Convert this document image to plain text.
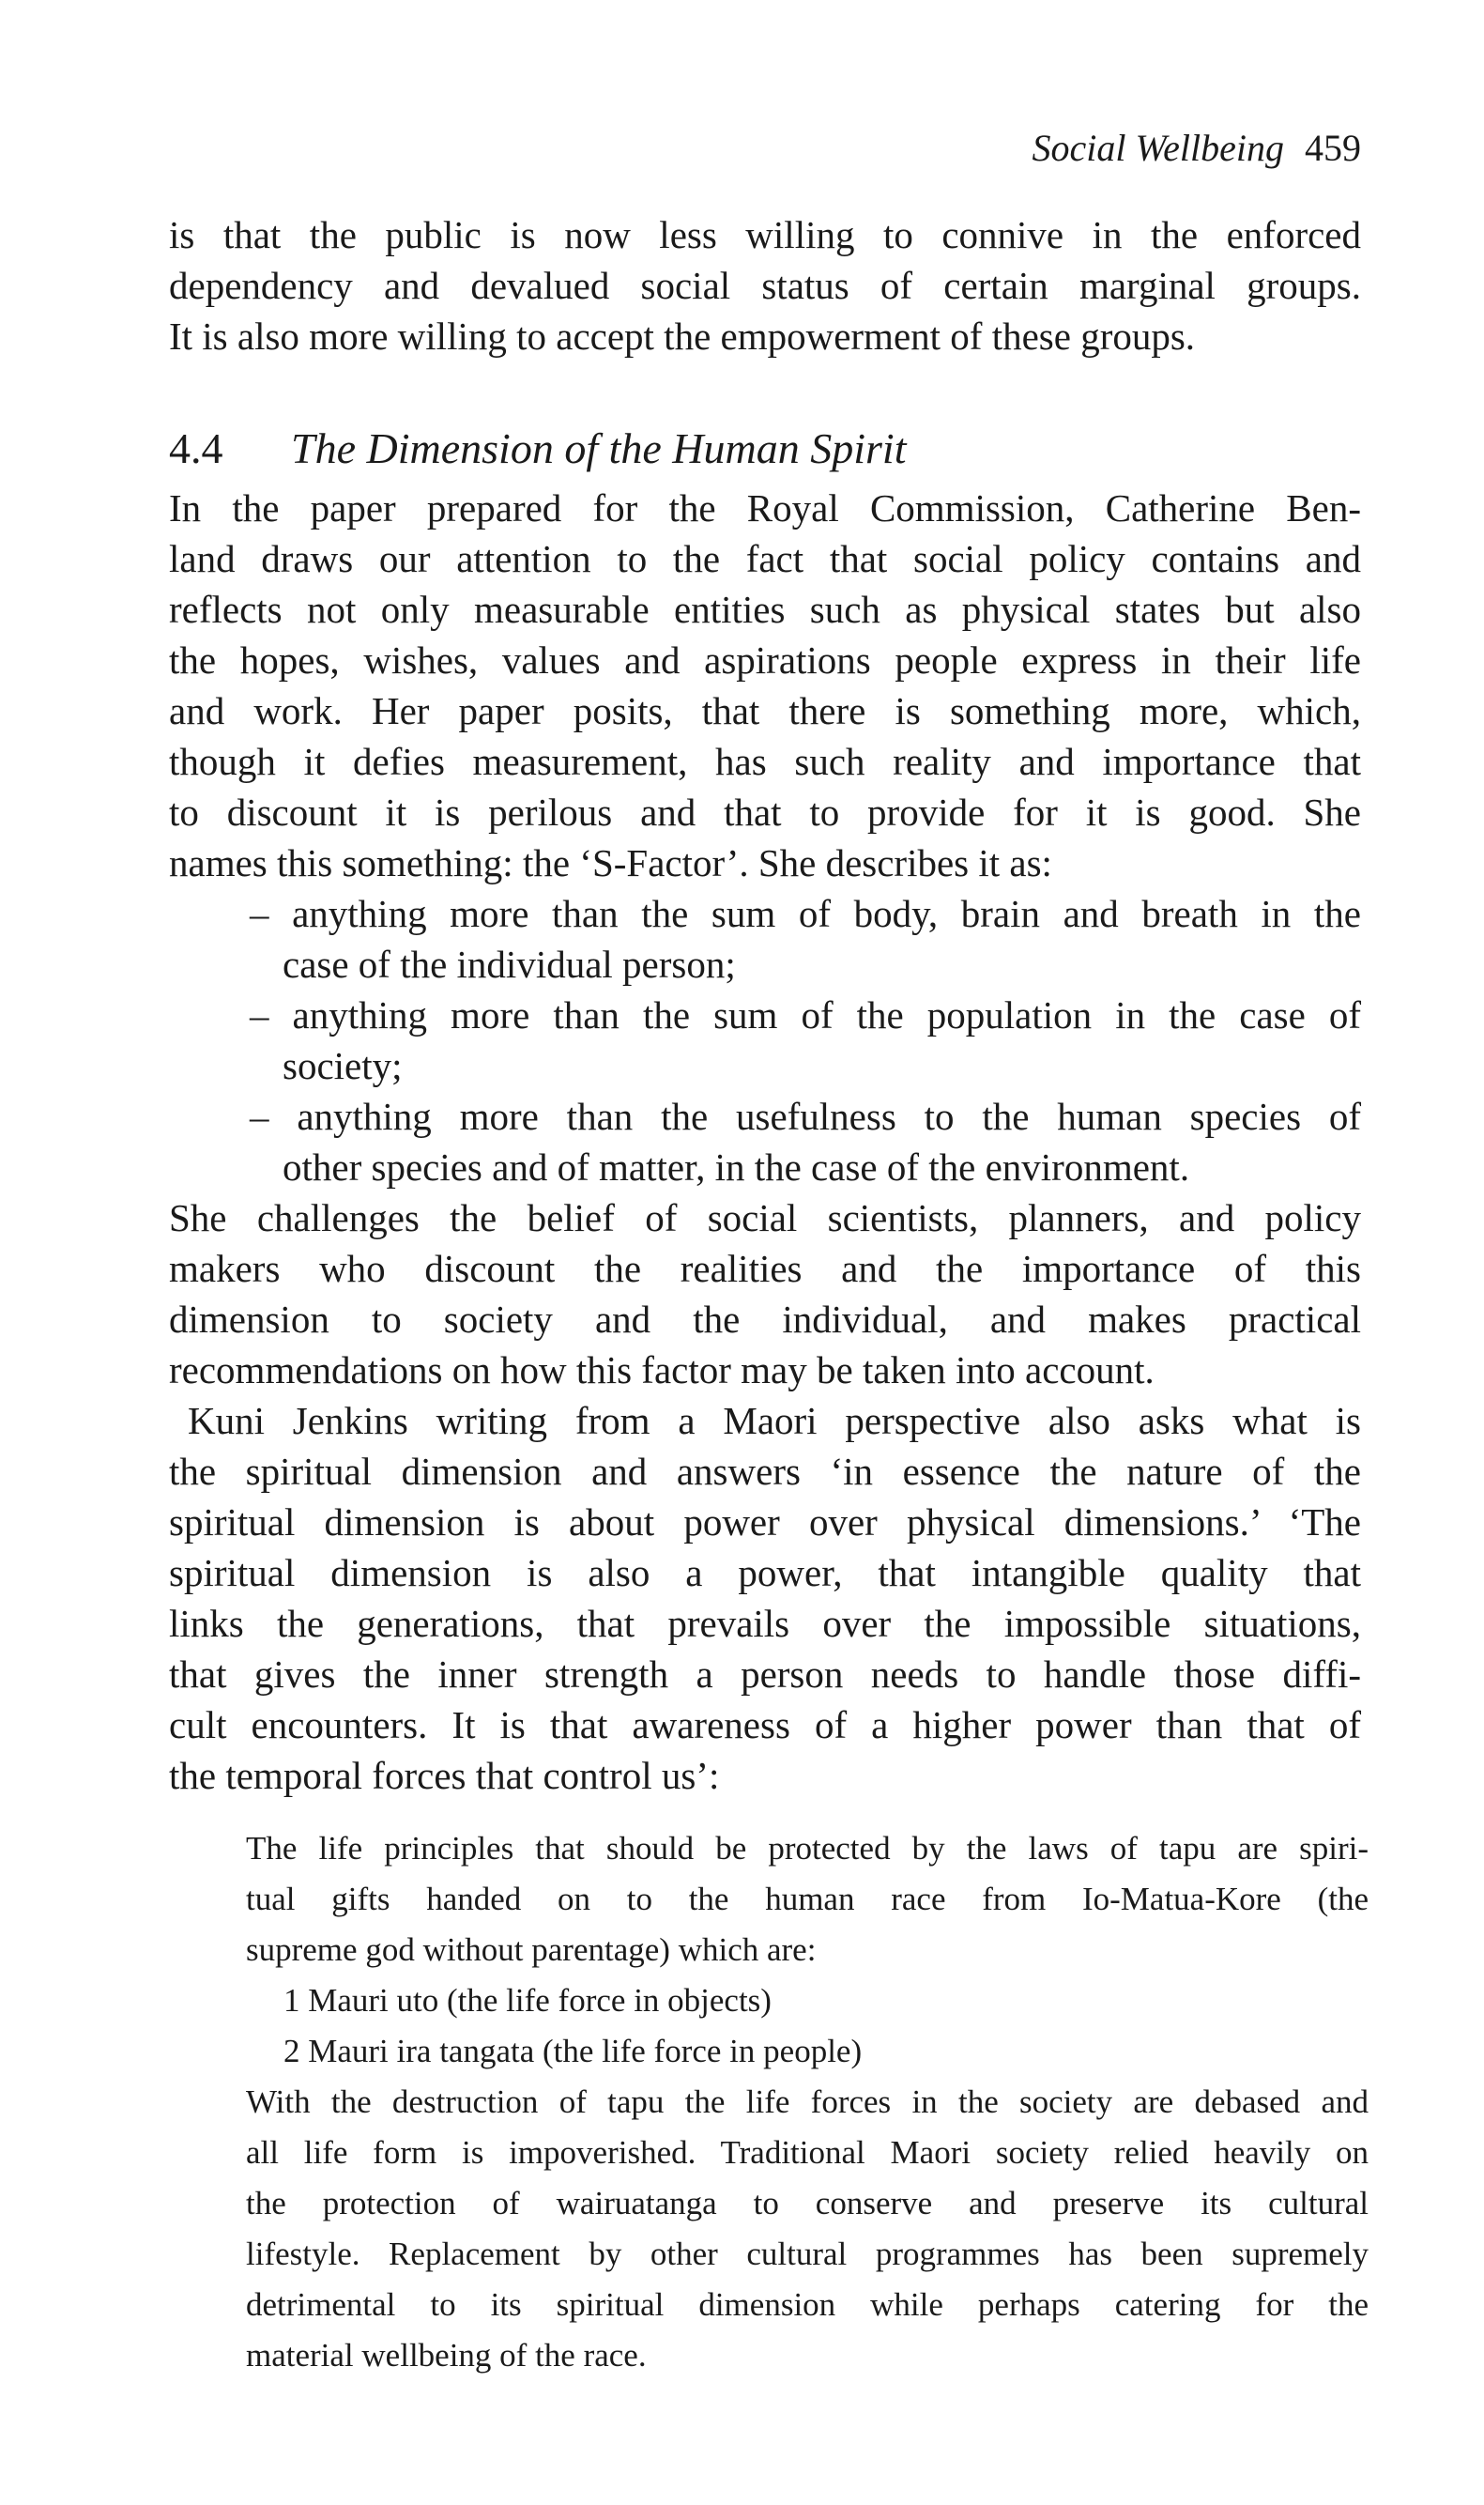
Social Wellbeing 459
is that the public is now less willing to connive in the enforced
dependency and devalued social status of certain marginal groups.
It is also more willing to accept the empowerment of these groups.
4.4 The Dimension of the Human Spirit
In the paper prepared for the Royal Commission, Catherine Ben-
land draws our attention to the fact that social policy contains and
reflects not only measurable entities such as physical states but also
the hopes, wishes, values and aspirations people express in their life
and work. Her paper posits, that there is something more, which,
though it defies measurement, has such reality and importance that
to discount it is perilous and that to provide for it is good. She
names this something: the ‘S-Factor’. She describes it as:
– anything more than the sum of body, brain and breath in the
case of the individual person;
– anything more than the sum of the population in the case of
society;
– anything more than the usefulness to the human species of
other species and of matter, in the case of the environment.
She challenges the belief of social scientists, planners, and policy
makers who discount the realities and the importance of this
dimension to society and the individual, and makes practical
recommendations on how this factor may be taken into account.
Kuni Jenkins writing from a Maori perspective also asks what is
the spiritual dimension and answers ‘in essence the nature of the
spiritual dimension is about power over physical dimensions.’ ‘The
spiritual dimension is also a power, that intangible quality that
links the generations, that prevails over the impossible situations,
that gives the inner strength a person needs to handle those diffi-
cult encounters. It is that awareness of a higher power than that of
the temporal forces that control us’:
The life principles that should be protected by the laws of tapu are spiri-
tual gifts handed on to the human race from Io-Matua-Kore (the
supreme god without parentage) which are:
1 Mauri uto (the life force in objects)
2 Mauri ira tangata (the life force in people)
With the destruction of tapu the life forces in the society are debased and
all life form is impoverished. Traditional Maori society relied heavily on
the protection of wairuatanga to conserve and preserve its cultural
lifestyle. Replacement by other cultural programmes has been supremely
detrimental to its spiritual dimension while perhaps catering for the
material wellbeing of the race.
